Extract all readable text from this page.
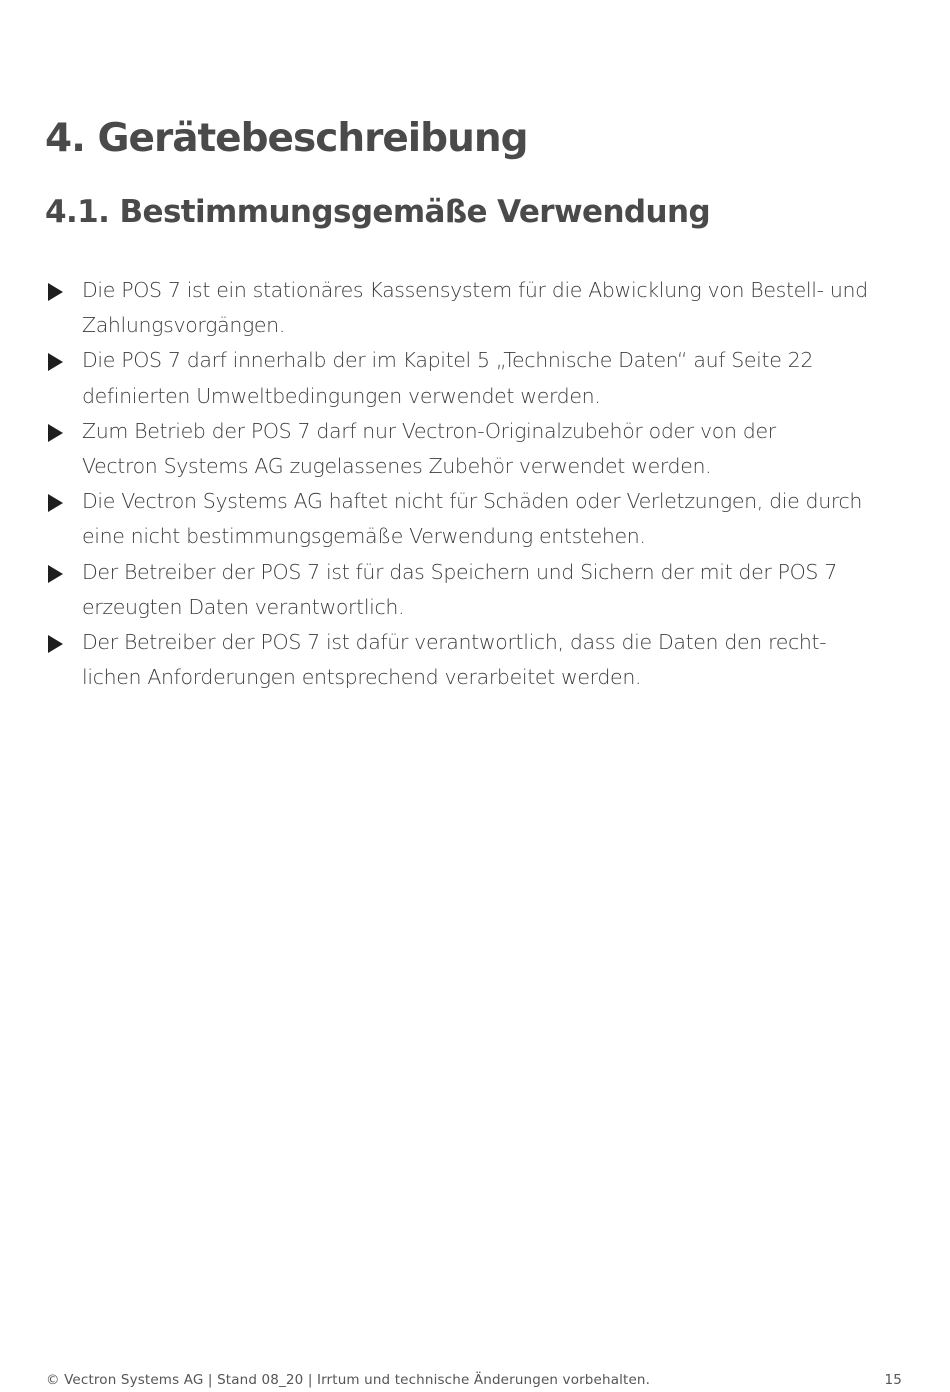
4. Gerätebeschreibung
4.1. Bestimmungsgemäße Verwendung
Die POS 7 ist ein stationäres Kassensystem für die Abwicklung von Bestell- und
Zahlungsvorgängen.
Die POS 7 darf innerhalb der im Kapitel 5 „Technische Daten“ auf Seite 22
definierten Umweltbedingungen verwendet werden.
Zum Betrieb der POS 7 darf nur Vectron-Originalzubehör oder von der
Vectron Systems AG zugelassenes Zubehör verwendet werden.
Die Vectron Systems AG haftet nicht für Schäden oder Verletzungen, die durch
eine nicht bestimmungsgemäße Verwendung entstehen.
Der Betreiber der POS 7 ist für das Speichern und Sichern der mit der POS 7
erzeugten Daten verantwortlich.
Der Betreiber der POS 7 ist dafür verantwortlich, dass die Daten den recht-
lichen Anforderungen entsprechend verarbeitet werden.
© Vectron Systems AG | Stand 08_20 | Irrtum und technische Änderungen vorbehalten.	15
